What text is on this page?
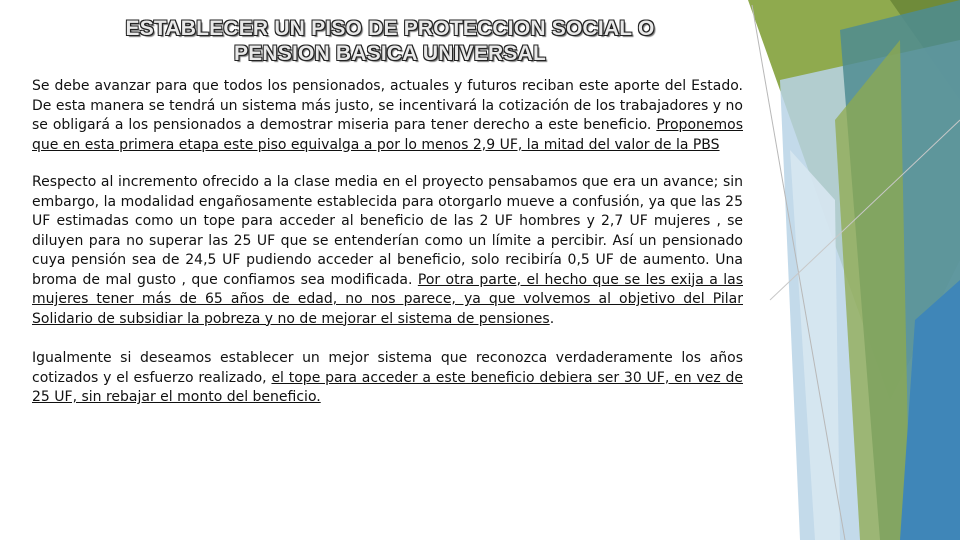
ESTABLECER UN PISO DE PROTECCION SOCIAL O
PENSION BASICA UNIVERSAL

Se debe avanzar para que todos los pensionados, actuales y futuros reciban este aporte del Estado. De esta manera se tendrá un sistema más justo, se incentivará la cotización de los trabajadores y no se obligará a los pensionados a demostrar miseria para tener derecho a este beneficio. Proponemos que en esta primera etapa este piso equivalga a por lo menos 2,9 UF, la mitad del valor de la PBS

Respecto al incremento ofrecido a la clase media en el proyecto pensabamos que era un avance; sin embargo, la modalidad engañosamente establecida para otorgarlo mueve a confusión, ya que las 25 UF estimadas como un tope para acceder al beneficio de las 2 UF hombres y 2,7 UF mujeres , se diluyen para no superar las 25 UF que se entenderían como un límite a percibir. Así un pensionado cuya pensión sea de 24,5 UF pudiendo acceder al beneficio, solo recibiría 0,5 UF de aumento. Una broma de mal gusto , que confiamos sea modificada. Por otra parte, el hecho que se les exija a las mujeres tener más de 65 años de edad, no nos parece, ya que volvemos al objetivo del Pilar Solidario de subsidiar la pobreza y no de mejorar el sistema de pensiones.

Igualmente si deseamos establecer un mejor sistema que reconozca verdaderamente los años cotizados y el esfuerzo realizado, el tope para acceder a este beneficio debiera ser 30 UF, en vez de 25 UF, sin rebajar el monto del beneficio.
